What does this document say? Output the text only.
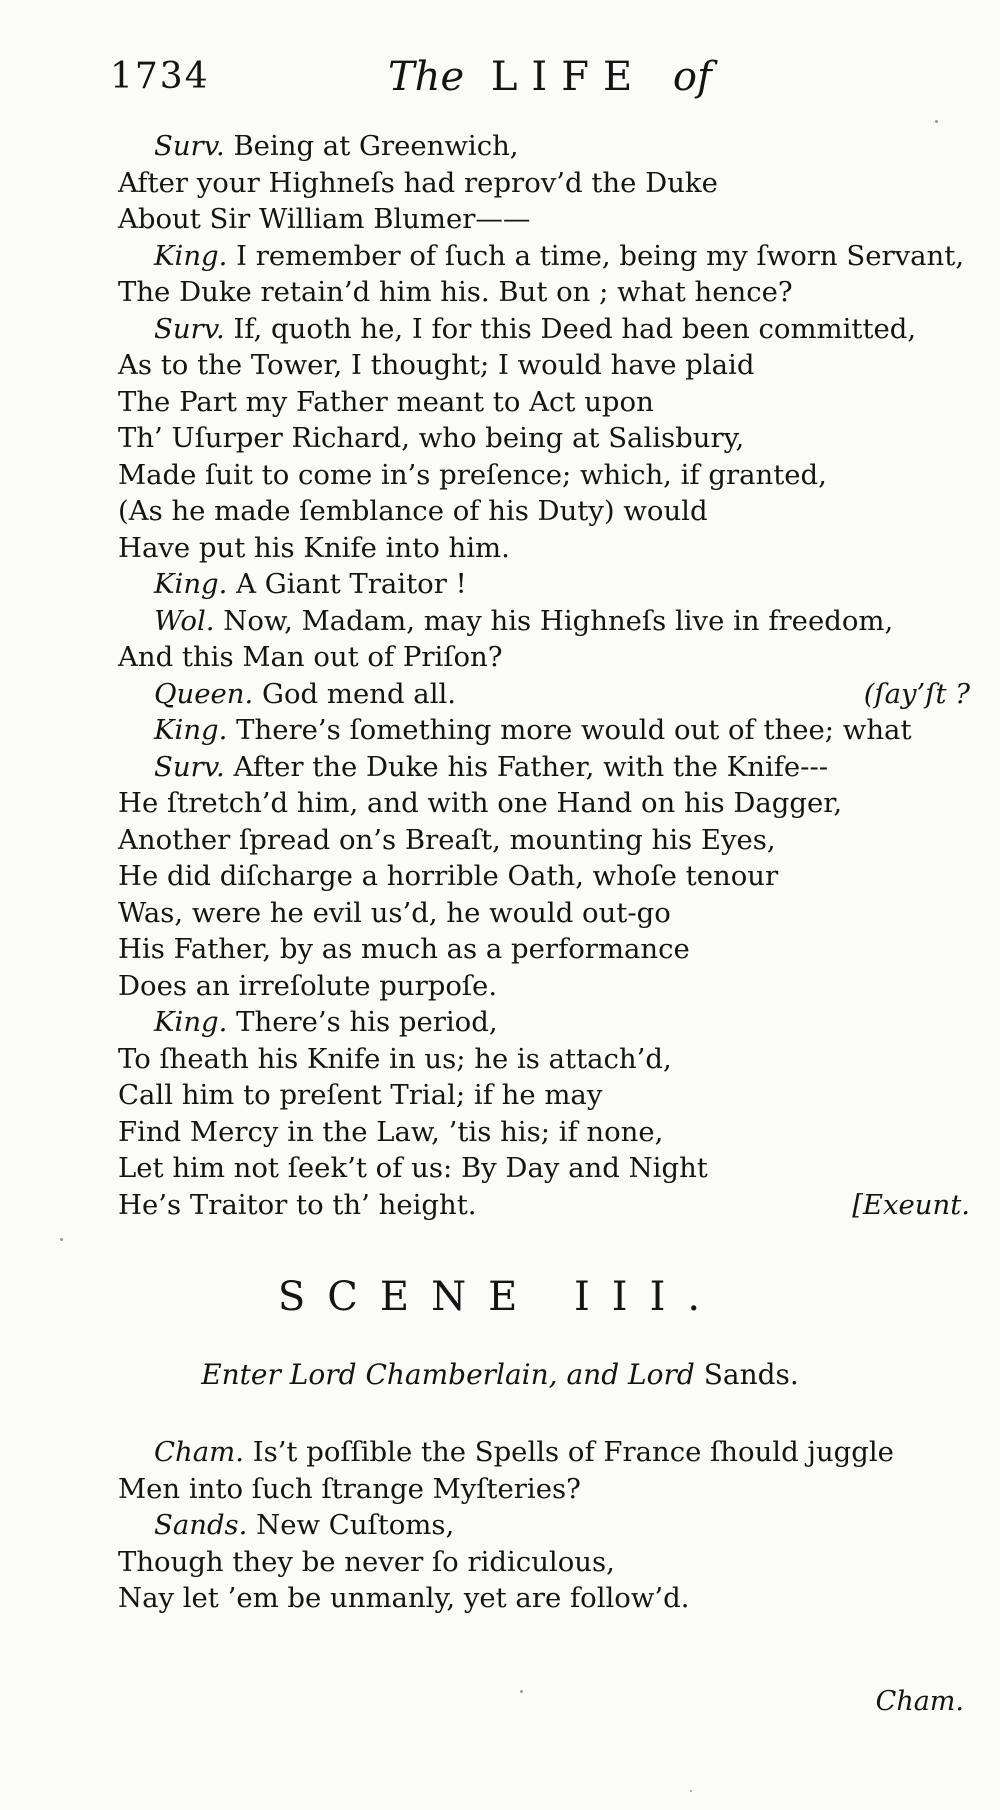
1734	The LIFE of
Surv. Being at Greenwich,
After your Highneſs had reprov’d the Duke
About Sir William Blumer——
King. I remember of ſuch a time, being my ſworn Servant,
The Duke retain’d him his. But on ; what hence?
Surv. If, quoth he, I for this Deed had been committed,
As to the Tower, I thought; I would have plaid
The Part my Father meant to Act upon
Th’ Uſurper Richard, who being at Salisbury,
Made ſuit to come in’s preſence; which, if granted,
(As he made ſemblance of his Duty) would
Have put his Knife into him.
King. A Giant Traitor !
Wol. Now, Madam, may his Highneſs live in freedom,
And this Man out of Priſon?
Queen. God mend all.	(ſay’ſt ?
King. There’s ſomething more would out of thee; what
Surv. After the Duke his Father, with the Knife---
He ſtretch’d him, and with one Hand on his Dagger,
Another ſpread on’s Breaſt, mounting his Eyes,
He did diſcharge a horrible Oath, whoſe tenour
Was, were he evil us’d, he would out-go
His Father, by as much as a performance
Does an irreſolute purpoſe.
King. There’s his period,
To ſheath his Knife in us; he is attach’d,
Call him to preſent Trial; if he may
Find Mercy in the Law, ’tis his; if none,
Let him not ſeek’t of us: By Day and Night
He’s Traitor to th’ height.	[Exeunt.
SCENE III.
Enter Lord Chamberlain, and Lord Sands.
Cham. Is’t poſſible the Spells of France ſhould juggle
Men into ſuch ſtrange Myſteries?
Sands. New Cuſtoms,
Though they be never ſo ridiculous,
Nay let ’em be unmanly, yet are follow’d.
Cham.
